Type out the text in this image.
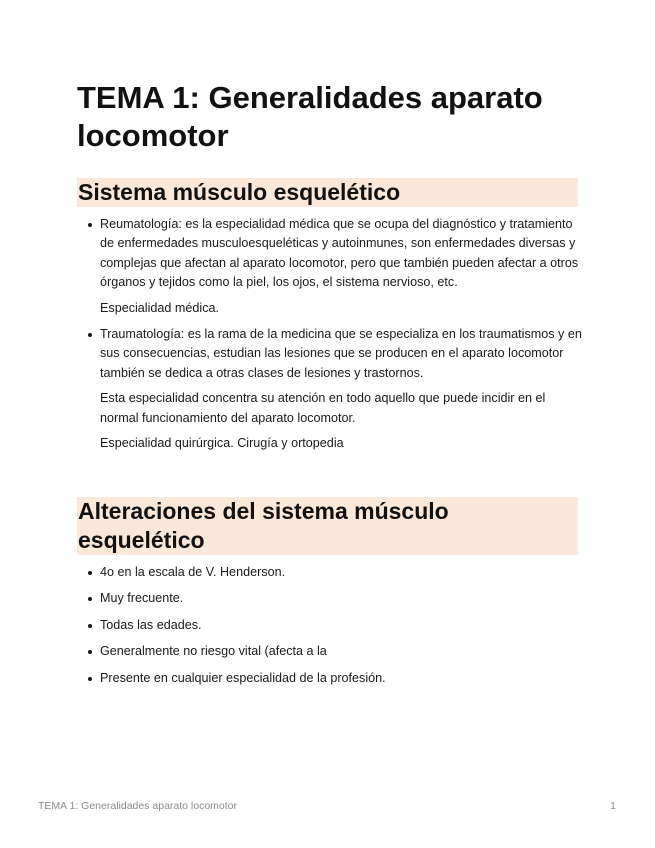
TEMA 1: Generalidades aparato locomotor
Sistema músculo esquelético

Reumatología: es la especialidad médica que se ocupa del diagnóstico y tratamiento de enfermedades musculoesqueléticas y autoinmunes, son enfermedades diversas y complejas que afectan al aparato locomotor, pero que también pueden afectar a otros órganos y tejidos como la piel, los ojos, el sistema nervioso, etc.

Especialidad médica.

Traumatología: es la rama de la medicina que se especializa en los traumatismos y en sus consecuencias, estudian las lesiones que se producen en el aparato locomotor también se dedica a otras clases de lesiones y trastornos.

Esta especialidad concentra su atención en todo aquello que puede incidir en el normal funcionamiento del aparato locomotor.

Especialidad quirúrgica. Cirugía y ortopedia

Alteraciones del sistema músculo esquelético

4o en la escala de V. Henderson.

Muy frecuente.

Todas las edades.

Generalmente no riesgo vital (afecta a la

Presente en cualquier especialidad de la profesión.

TEMA 1: Generalidades aparato locomotor	1
